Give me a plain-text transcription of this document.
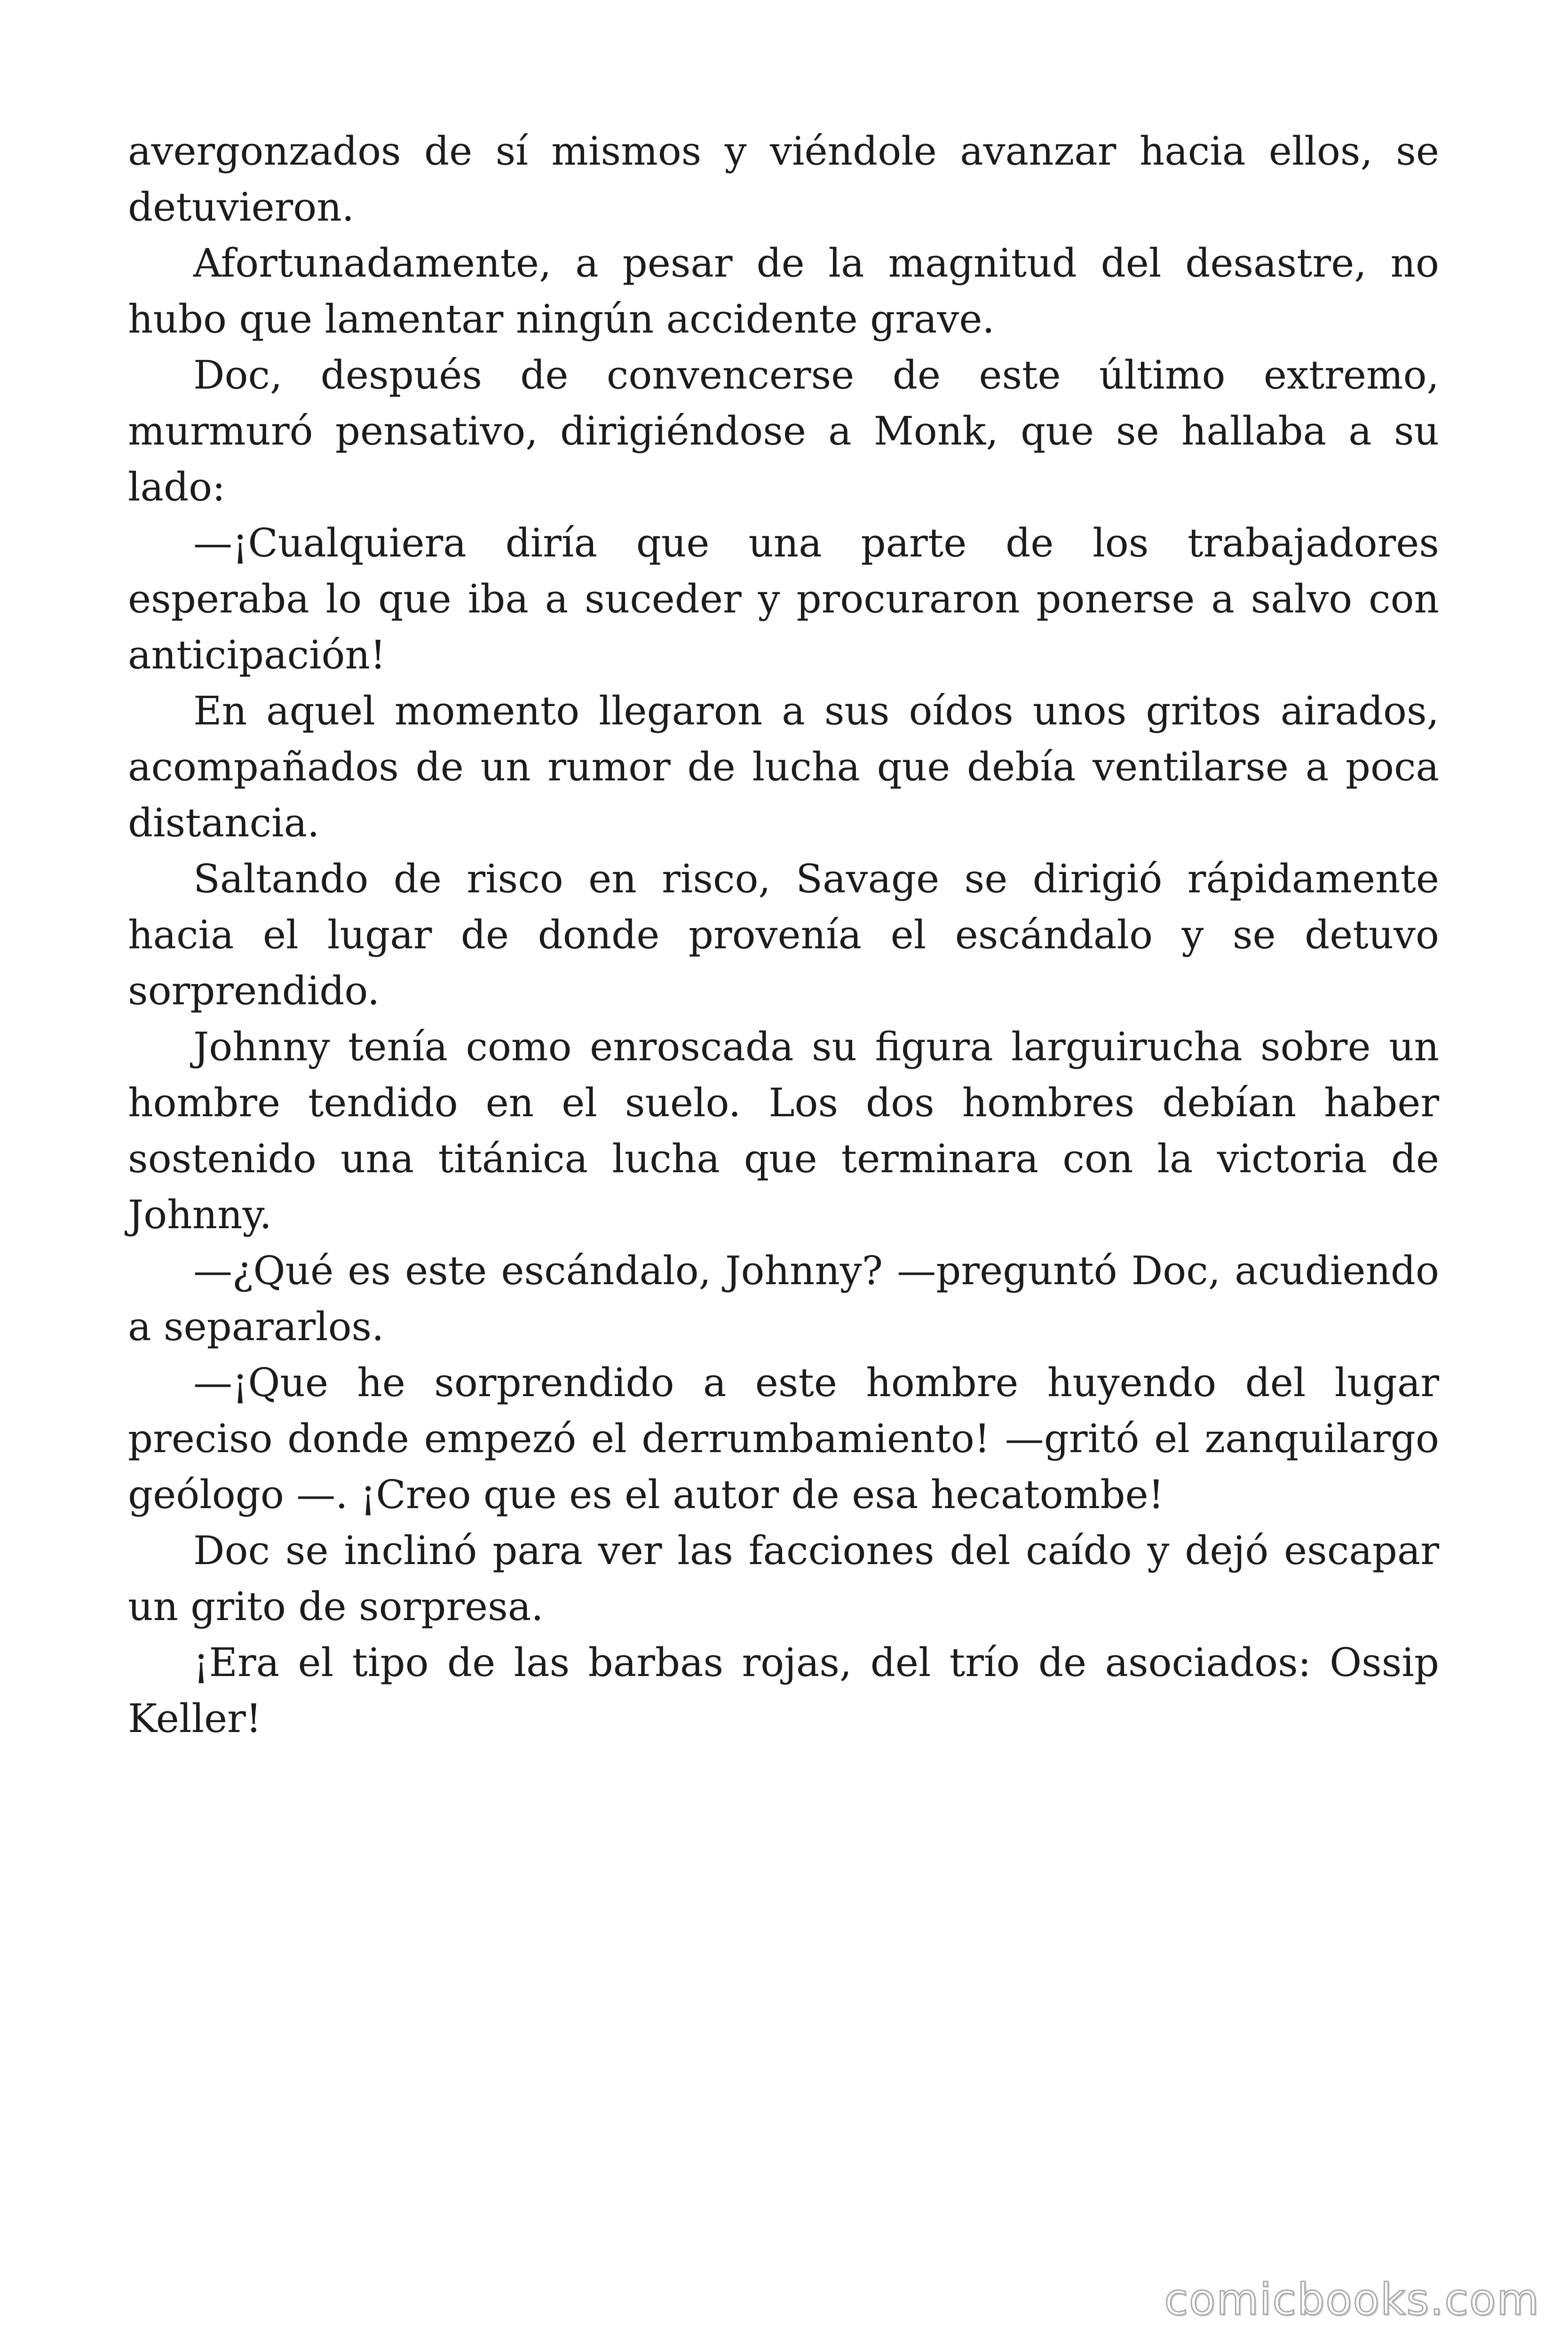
avergonzados de sí mismos y viéndole avanzar hacia ellos, se detuvieron.

Afortunadamente, a pesar de la magnitud del desastre, no hubo que lamentar ningún accidente grave.

Doc, después de convencerse de este último extremo, murmuró pensativo, dirigiéndose a Monk, que se hallaba a su lado:

—¡Cualquiera diría que una parte de los trabajadores esperaba lo que iba a suceder y procuraron ponerse a salvo con anticipación!

En aquel momento llegaron a sus oídos unos gritos airados, acompañados de un rumor de lucha que debía ventilarse a poca distancia.

Saltando de risco en risco, Savage se dirigió rápidamente hacia el lugar de donde provenía el escándalo y se detuvo sorprendido.

Johnny tenía como enroscada su figura larguirucha sobre un hombre tendido en el suelo. Los dos hombres debían haber sostenido una titánica lucha que terminara con la victoria de Johnny.

—¿Qué es este escándalo, Johnny? —preguntó Doc, acudiendo a separarlos.

—¡Que he sorprendido a este hombre huyendo del lugar preciso donde empezó el derrumbamiento! —gritó el zanquilargo geólogo —. ¡Creo que es el autor de esa hecatombe!

Doc se inclinó para ver las facciones del caído y dejó escapar un grito de sorpresa.

¡Era el tipo de las barbas rojas, del trío de asociados: Ossip Keller!

comicbooks.com
